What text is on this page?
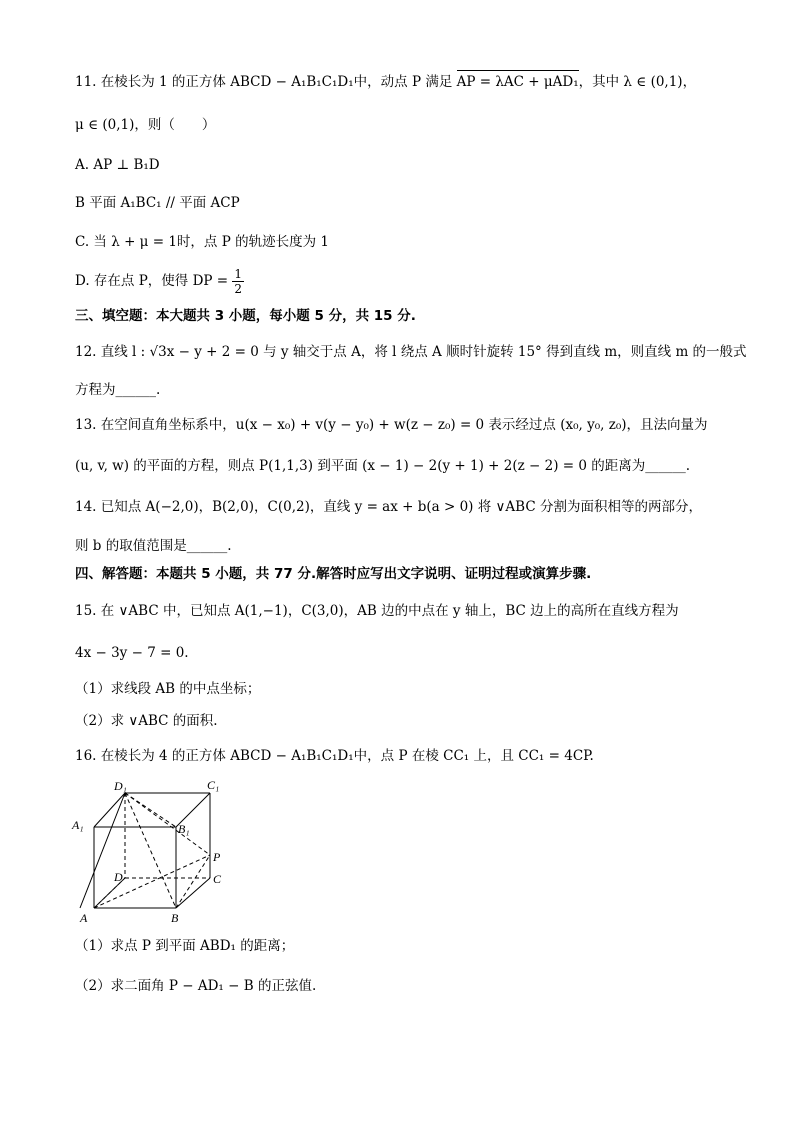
11. 在棱长为 1 的正方体 ABCD − A₁B₁C₁D₁中，动点 P 满足 AP = λAC + μAD₁，其中 λ ∈ (0,1)，
μ ∈ (0,1)，则（　　）
A. AP ⊥ B₁D
B 平面 A₁BC₁ // 平面 ACP
C. 当 λ + μ = 1时，点 P 的轨迹长度为 1
D. 存在点 P，使得 DP = $\frac{1}{2}$
三、填空题：本大题共 3 小题，每小题 5 分，共 15 分.
12. 直线 l : √3x − y + 2 = 0 与 y 轴交于点 A，将 l 绕点 A 顺时针旋转 15° 得到直线 m，则直线 m 的一般式
方程为______.
13. 在空间直角坐标系中，u(x − x₀) + v(y − y₀) + w(z − z₀) = 0 表示经过点 (x₀, y₀, z₀)，且法向量为
(u, v, w) 的平面的方程，则点 P(1,1,3) 到平面 (x − 1) − 2(y + 1) + 2(z − 2) = 0 的距离为______.
14. 已知点 A(−2,0)，B(2,0)，C(0,2)，直线 y = ax + b(a > 0) 将 ∨ABC 分割为面积相等的两部分，
则 b 的取值范围是______.
四、解答题：本题共 5 小题，共 77 分.解答时应写出文字说明、证明过程或演算步骤.
15. 在 ∨ABC 中，已知点 A(1,−1)，C(3,0)，AB 边的中点在 y 轴上，BC 边上的高所在直线方程为
4x − 3y − 7 = 0.
（1）求线段 AB 的中点坐标；
（2）求 ∨ABC 的面积.
16. 在棱长为 4 的正方体 ABCD − A₁B₁C₁D₁中，点 P 在棱 CC₁ 上，且 CC₁ = 4CP.
D₁	C₁
A₁	B₁
P
D	C
A	B
（1）求点 P 到平面 ABD₁ 的距离；
（2）求二面角 P − AD₁ − B 的正弦值.
